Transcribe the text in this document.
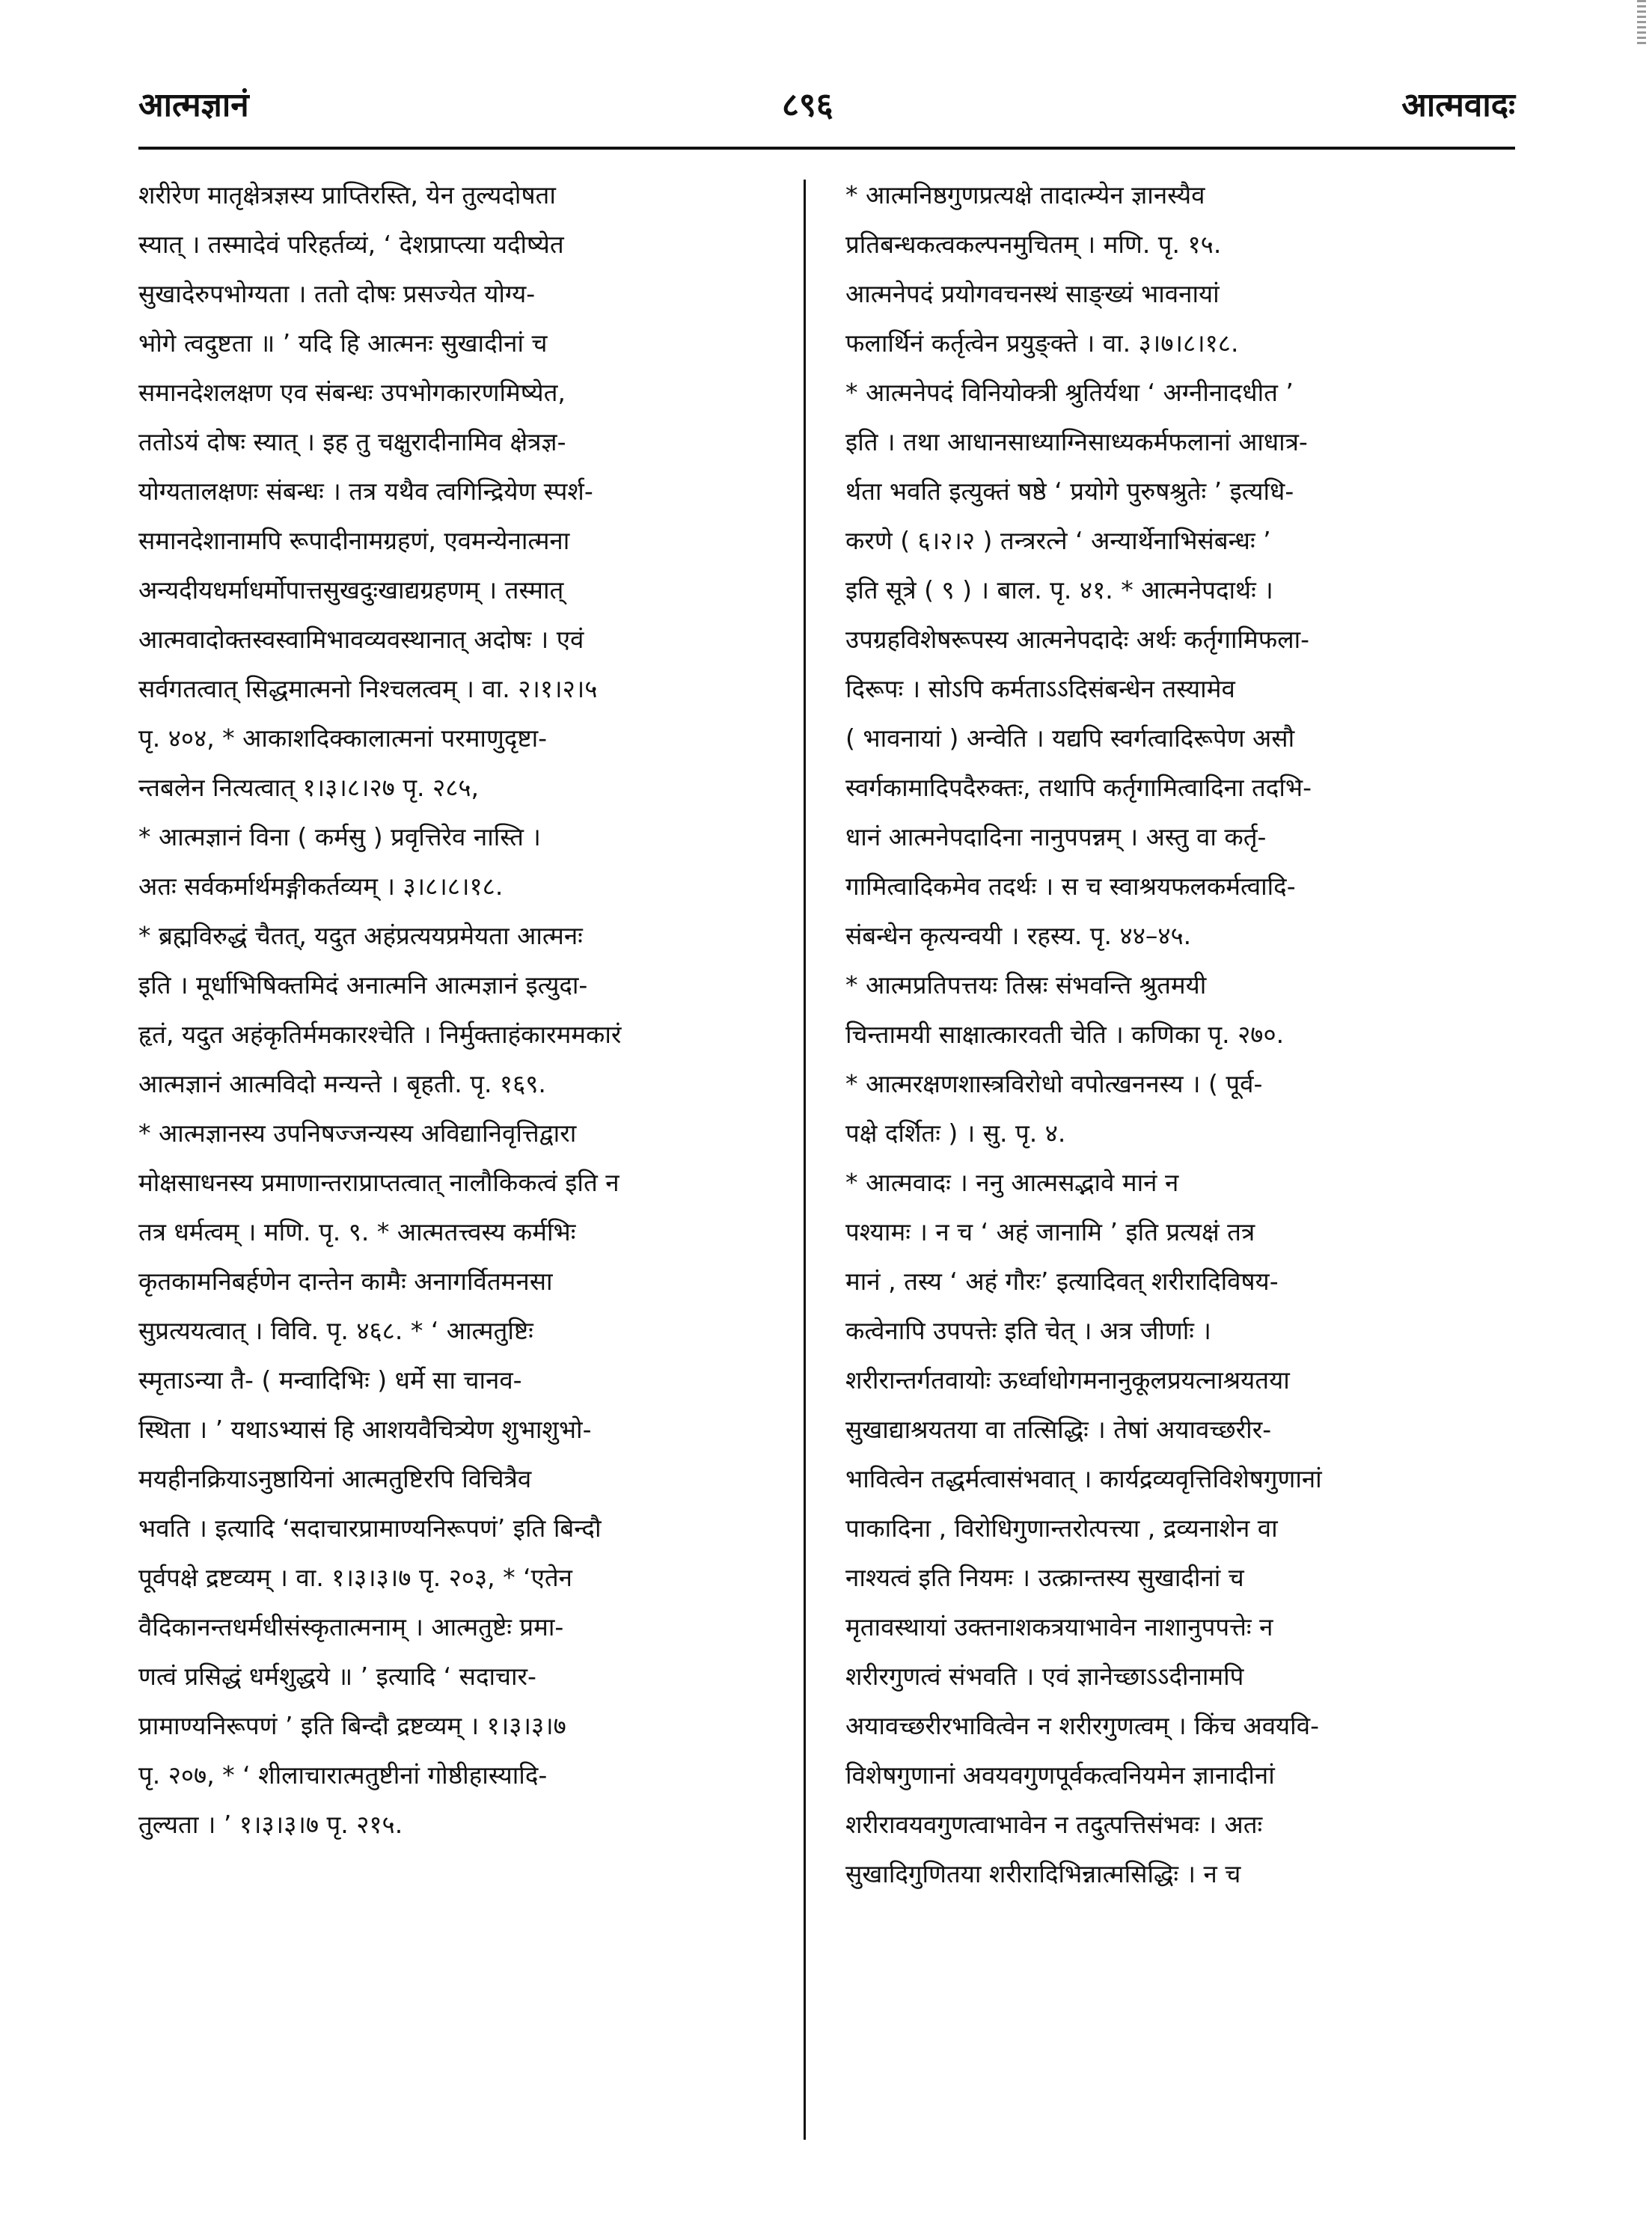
आत्मज्ञानं	८९६	आत्मवादः
शरीरेण मातृक्षेत्रज्ञस्य प्राप्तिरस्ति, येन तुल्यदोषता
स्यात् । तस्मादेवं परिहर्तव्यं, ‘ देशप्राप्त्या यदीष्येत
सुखादेरुपभोग्यता । ततो दोषः प्रसज्येत योग्य-
भोगे त्वदुष्टता ॥ ’ यदि हि आत्मनः सुखादीनां च
समानदेशलक्षण एव संबन्धः उपभोगकारणमिष्येत,
ततोऽयं दोषः स्यात् । इह तु चक्षुरादीनामिव क्षेत्रज्ञ-
योग्यतालक्षणः संबन्धः । तत्र यथैव त्वगिन्द्रियेण स्पर्श-
समानदेशानामपि रूपादीनामग्रहणं, एवमन्येनात्मना
अन्यदीयधर्माधर्मोपात्तसुखदुःखाद्यग्रहणम् । तस्मात्
आत्मवादोक्तस्वस्वामिभावव्यवस्थानात् अदोषः । एवं
सर्वगतत्वात् सिद्धमात्मनो निश्चलत्वम् । वा. २।१।२।५
पृ. ४०४, * आकाशदिक्कालात्मनां परमाणुदृष्टा-
न्तबलेन नित्यत्वात् १।३।८।२७ पृ. २८५,
* आत्मज्ञानं विना ( कर्मसु ) प्रवृत्तिरेव नास्ति ।
अतः सर्वकर्मार्थमङ्गीकर्तव्यम् । ३।८।८।१८.
* ब्रह्मविरुद्धं चैतत्, यदुत अहंप्रत्ययप्रमेयता आत्मनः
इति । मूर्धाभिषिक्तमिदं अनात्मनि आत्मज्ञानं इत्युदा-
हृतं, यदुत अहंकृतिर्ममकारश्चेति । निर्मुक्ताहंकारममकारं
आत्मज्ञानं आत्मविदो मन्यन्ते । बृहती. पृ. १६९.
* आत्मज्ञानस्य उपनिषज्जन्यस्य अविद्यानिवृत्तिद्वारा
मोक्षसाधनस्य प्रमाणान्तराप्राप्तत्वात् नालौकिकत्वं इति न
तत्र धर्मत्वम् । मणि. पृ. ९. * आत्मतत्त्वस्य कर्मभिः
कृतकामनिबर्हणेन दान्तेन कामैः अनागर्वितमनसा
सुप्रत्ययत्वात् । विवि. पृ. ४६८. * ‘ आत्मतुष्टिः
स्मृताऽन्या तै- ( मन्वादिभिः ) धर्मे सा चानव-
स्थिता । ’ यथाऽभ्यासं हि आशयवैचित्र्येण शुभाशुभो-
मयहीनक्रियाऽनुष्ठायिनां आत्मतुष्टिरपि विचित्रैव
भवति । इत्यादि ‘सदाचारप्रामाण्यनिरूपणं’ इति बिन्दौ
पूर्वपक्षे द्रष्टव्यम् । वा. १।३।३।७ पृ. २०३, * ‘एतेन
वैदिकानन्तधर्मधीसंस्कृतात्मनाम् । आत्मतुष्टेः प्रमा-
णत्वं प्रसिद्धं धर्मशुद्धये ॥ ’ इत्यादि ‘ सदाचार-
प्रामाण्यनिरूपणं ’ इति बिन्दौ द्रष्टव्यम् । १।३।३।७
पृ. २०७, * ‘ शीलाचारात्मतुष्टीनां गोष्ठीहास्यादि-
तुल्यता । ’ १।३।३।७ पृ. २१५.
* आत्मनिष्ठगुणप्रत्यक्षे तादात्म्येन ज्ञानस्यैव
प्रतिबन्धकत्वकल्पनमुचितम् । मणि. पृ. १५.
आत्मनेपदं प्रयोगवचनस्थं साङ्ख्यं भावनायां
फलार्थिनं कर्तृत्वेन प्रयुङ्क्ते । वा. ३।७।८।१८.
* आत्मनेपदं विनियोक्त्री श्रुतिर्यथा ‘ अग्नीनादधीत ’
इति । तथा आधानसाध्याग्निसाध्यकर्मफलानां आधात्र-
र्थता भवति इत्युक्तं षष्ठे ‘ प्रयोगे पुरुषश्रुतेः ’ इत्यधि-
करणे ( ६।२।२ ) तन्त्ररत्ने ‘ अन्यार्थेनाभिसंबन्धः ’
इति सूत्रे ( ९ ) । बाल. पृ. ४१. * आत्मनेपदार्थः ।
उपग्रहविशेषरूपस्य आत्मनेपदादेः अर्थः कर्तृगामिफला-
दिरूपः । सोऽपि कर्मताऽऽदिसंबन्धेन तस्यामेव
( भावनायां ) अन्वेति । यद्यपि स्वर्गत्वादिरूपेण असौ
स्वर्गकामादिपदैरुक्तः, तथापि कर्तृगामित्वादिना तदभि-
धानं आत्मनेपदादिना नानुपपन्नम् । अस्तु वा कर्तृ-
गामित्वादिकमेव तदर्थः । स च स्वाश्रयफलकर्मत्वादि-
संबन्धेन कृत्यन्वयी । रहस्य. पृ. ४४–४५.
* आत्मप्रतिपत्तयः तिस्रः संभवन्ति श्रुतमयी
चिन्तामयी साक्षात्कारवती चेति । कणिका पृ. २७०.
* आत्मरक्षणशास्त्रविरोधो वपोत्खननस्य । ( पूर्व-
पक्षे दर्शितः ) । सु. पृ. ४.
* आत्मवादः । ननु आत्मसद्भावे मानं न
पश्यामः । न च ‘ अहं जानामि ’ इति प्रत्यक्षं तत्र
मानं , तस्य ‘ अहं गौरः’ इत्यादिवत् शरीरादिविषय-
कत्वेनापि उपपत्तेः इति चेत् । अत्र जीर्णाः ।
शरीरान्तर्गतवायोः ऊर्ध्वाधोगमनानुकूलप्रयत्नाश्रयतया
सुखाद्याश्रयतया वा तत्सिद्धिः । तेषां अयावच्छरीर-
भावित्वेन तद्धर्मत्वासंभवात् । कार्यद्रव्यवृत्तिविशेषगुणानां
पाकादिना , विरोधिगुणान्तरोत्पत्त्या , द्रव्यनाशेन वा
नाश्यत्वं इति नियमः । उत्क्रान्तस्य सुखादीनां च
मृतावस्थायां उक्तनाशकत्रयाभावेन नाशानुपपत्तेः न
शरीरगुणत्वं संभवति । एवं ज्ञानेच्छाऽऽदीनामपि
अयावच्छरीरभावित्वेन न शरीरगुणत्वम् । किंच अवयवि-
विशेषगुणानां अवयवगुणपूर्वकत्वनियमेन ज्ञानादीनां
शरीरावयवगुणत्वाभावेन न तदुत्पत्तिसंभवः । अतः
सुखादिगुणितया शरीरादिभिन्नात्मसिद्धिः । न च
